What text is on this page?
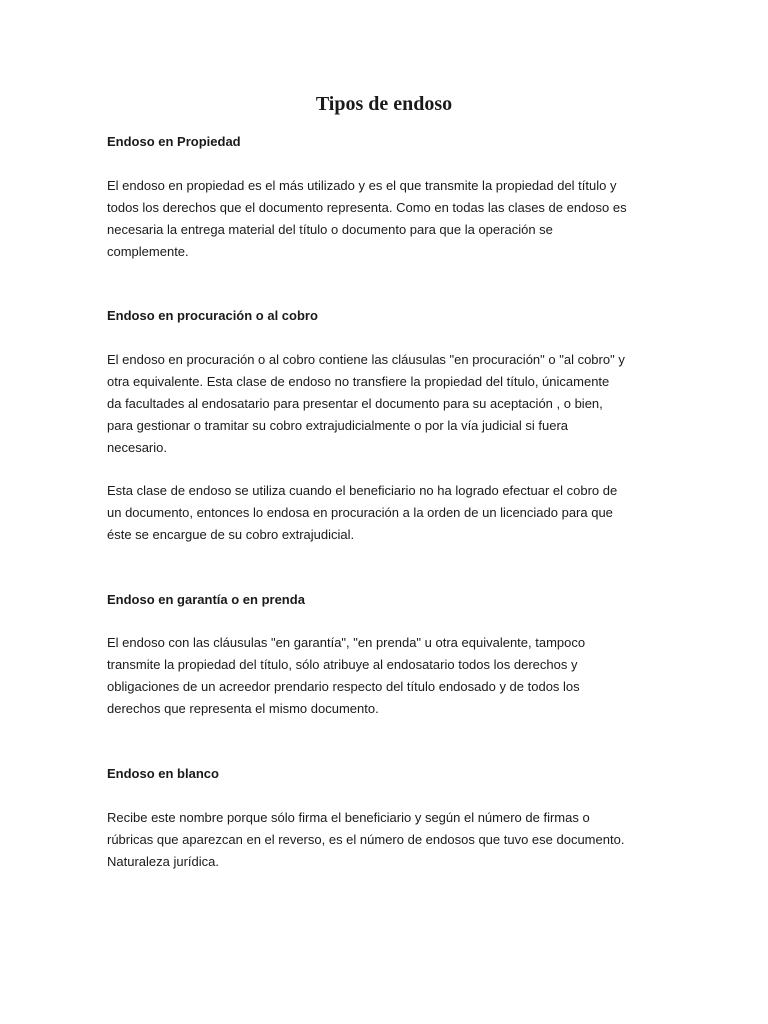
Tipos de endoso
Endoso en Propiedad
El endoso en propiedad es el más utilizado y es el que transmite la propiedad del título y
todos los derechos que el documento representa. Como en todas las clases de endoso es
necesaria la entrega material del título o documento para que la operación se
complemente.
Endoso en procuración o al cobro
El endoso en procuración o al cobro contiene las cláusulas "en procuración" o "al cobro" y
otra equivalente. Esta clase de endoso no transfiere la propiedad del título, únicamente
da facultades al endosatario para presentar el documento para su aceptación , o bien,
para gestionar o tramitar su cobro extrajudicialmente o por la vía judicial si fuera
necesario.
Esta clase de endoso se utiliza cuando el beneficiario no ha logrado efectuar el cobro de
un documento, entonces lo endosa en procuración a la orden de un licenciado para que
éste se encargue de su cobro extrajudicial.
Endoso en garantía o en prenda
El endoso con las cláusulas "en garantía", "en prenda" u otra equivalente, tampoco
transmite la propiedad del título, sólo atribuye al endosatario todos los derechos y
obligaciones de un acreedor prendario respecto del título endosado y de todos los
derechos que representa el mismo documento.
Endoso en blanco
Recibe este nombre porque sólo firma el beneficiario y según el número de firmas o
rúbricas que aparezcan en el reverso, es el número de endosos que tuvo ese documento.
Naturaleza jurídica.
